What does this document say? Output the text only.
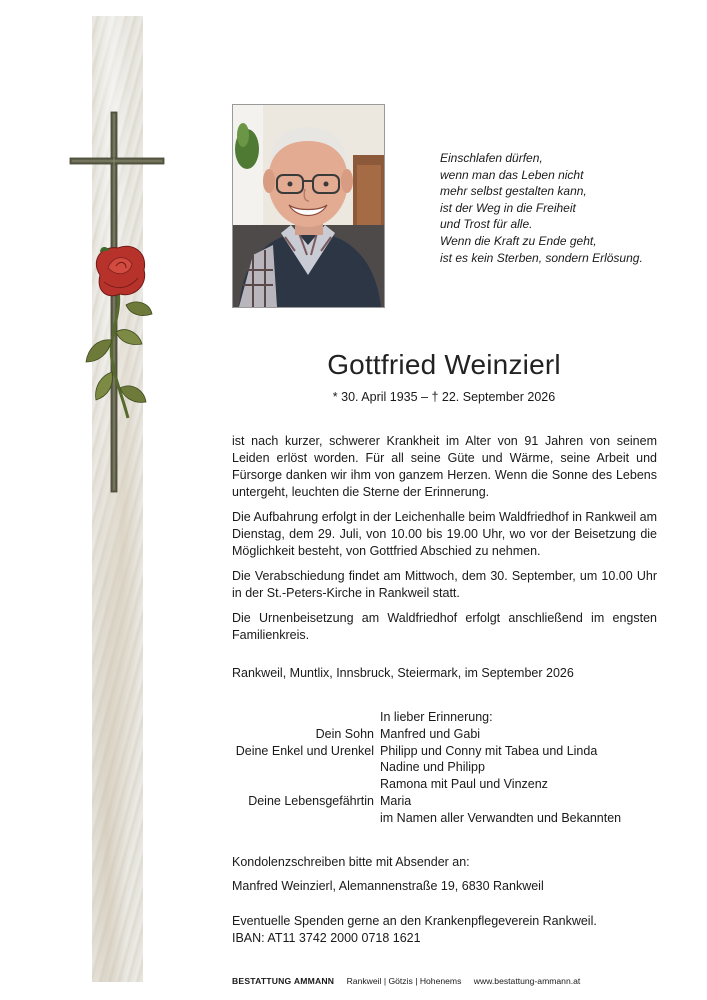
Einschlafen dürfen,
wenn man das Leben nicht
mehr selbst gestalten kann,
ist der Weg in die Freiheit
und Trost für alle.
Wenn die Kraft zu Ende geht,
ist es kein Sterben, sondern Erlösung.
Gottfried Weinzierl
* 30. April 1935 – † 22. September 2026

ist nach kurzer, schwerer Krankheit im Alter von 91 Jahren von seinem Leiden erlöst worden. Für all seine Güte und Wärme, seine Arbeit und Fürsorge danken wir ihm von ganzem Herzen. Wenn die Sonne des Lebens untergeht, leuchten die Sterne der Erinnerung.

Die Aufbahrung erfolgt in der Leichenhalle beim Waldfriedhof in Rankweil am Dienstag, dem 29. Juli, von 10.00 bis 19.00 Uhr, wo vor der Beisetzung die Möglichkeit besteht, von Gottfried Abschied zu nehmen.

Die Verabschiedung findet am Mittwoch, dem 30. September, um 10.00 Uhr in der St.-Peters-Kirche in Rankweil statt.

Die Urnenbeisetzung am Waldfriedhof erfolgt anschließend im engsten Familienkreis.

Rankweil, Muntlix, Innsbruck, Steiermark, im September 2026
In lieber Erinnerung:
Dein Sohn Manfred und Gabi
Deine Enkel und Urenkel Philipp und Conny mit Tabea und Linda
Nadine und Philipp
Ramona mit Paul und Vinzenz
Deine Lebensgefährtin Maria
im Namen aller Verwandten und Bekannten
Kondolenzschreiben bitte mit Absender an:
Manfred Weinzierl, Alemannenstraße 19, 6830 Rankweil
Eventuelle Spenden gerne an den Krankenpflegeverein Rankweil.
IBAN: AT11 3742 2000 0718 1621
BESTATTUNG AMMANN Rankweil | Götzis | Hohenems www.bestattung-ammann.at
